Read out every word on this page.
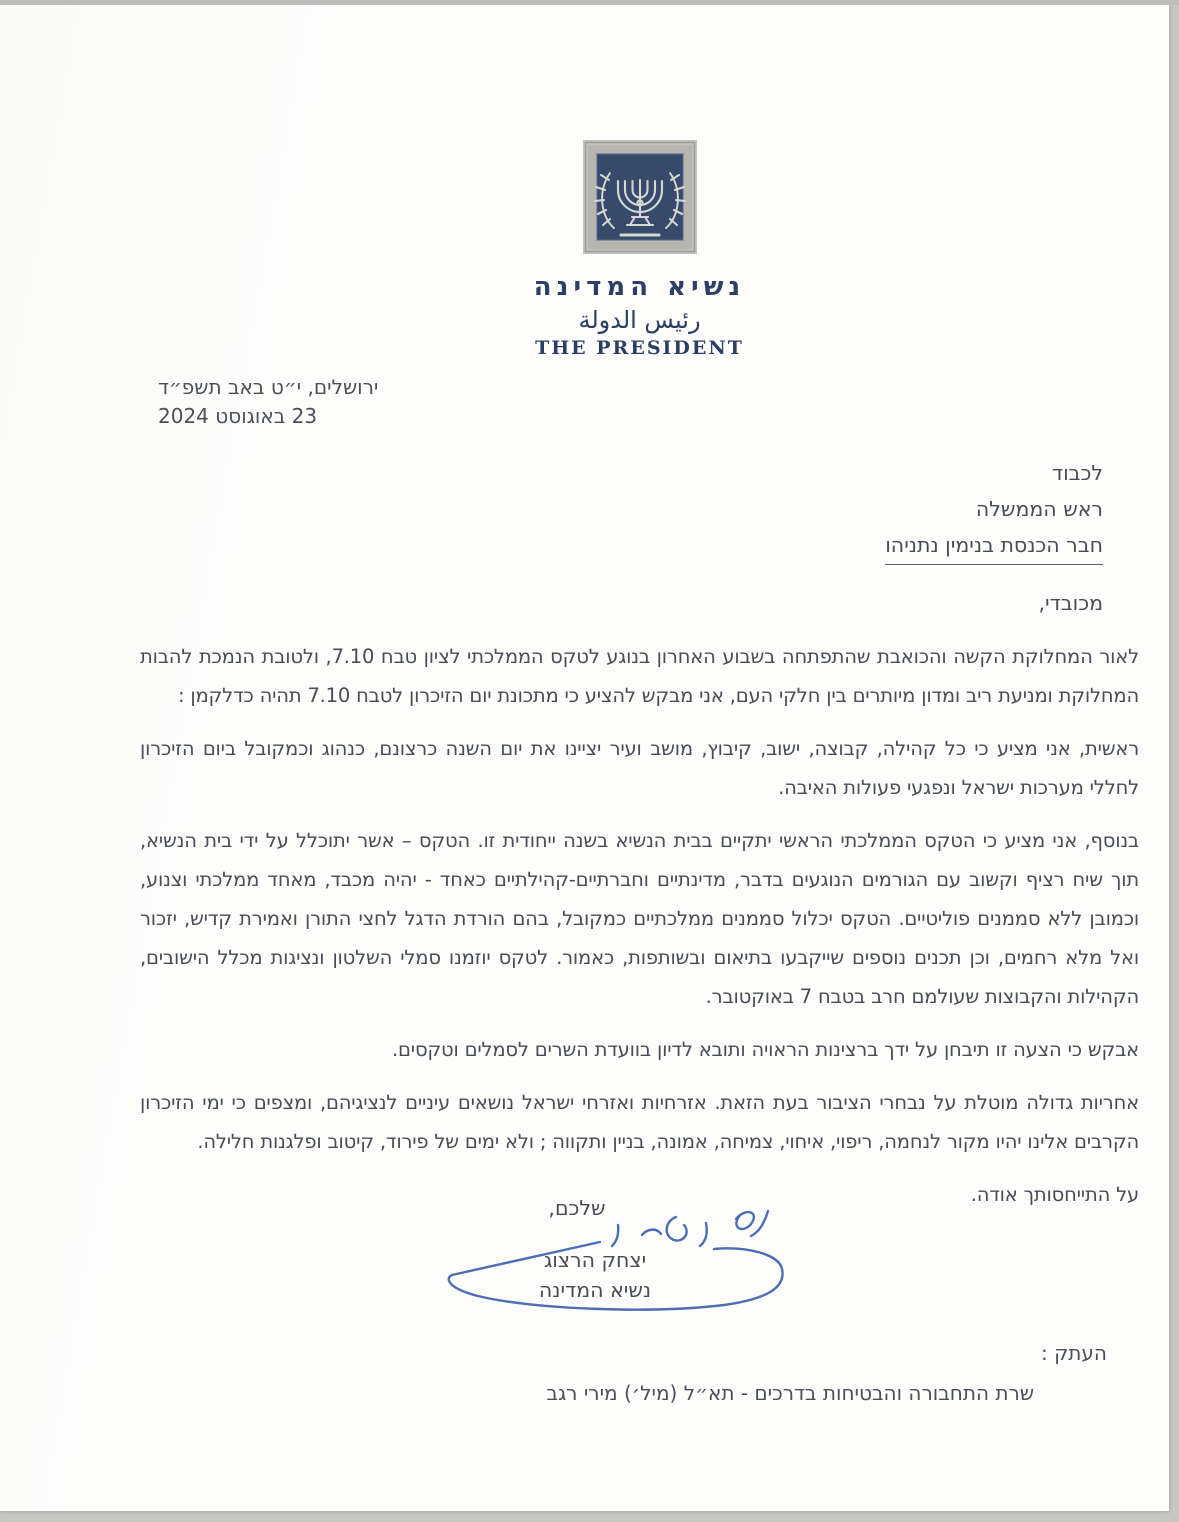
נשיא המדינה
رئيس الدولة
THE PRESIDENT
ירושלים, י״ט באב תשפ״ד
23 באוגוסט 2024
לכבוד
ראש הממשלה
חבר הכנסת בנימין נתניהו
מכובדי,

לאור המחלוקת הקשה והכואבת שהתפתחה בשבוע האחרון בנוגע לטקס הממלכתי לציון טבח 7.10, ולטובת הנמכת להבות המחלוקת ומניעת ריב ומדון מיותרים בין חלקי העם, אני מבקש להציע כי מתכונת יום הזיכרון לטבח 7.10 תהיה כדלקמן :

ראשית, אני מציע כי כל קהילה, קבוצה, ישוב, קיבוץ, מושב ועיר יציינו את יום השנה כרצונם, כנהוג וכמקובל ביום הזיכרון לחללי מערכות ישראל ונפגעי פעולות האיבה.

בנוסף, אני מציע כי הטקס הממלכתי הראשי יתקיים בבית הנשיא בשנה ייחודית זו. הטקס – אשר יתוכלל על ידי בית הנשיא, תוך שיח רציף וקשוב עם הגורמים הנוגעים בדבר, מדינתיים וחברתיים-קהילתיים כאחד - יהיה מכבד, מאחד ממלכתי וצנוע, וכמובן ללא סממנים פוליטיים. הטקס יכלול סממנים ממלכתיים כמקובל, בהם הורדת הדגל לחצי התורן ואמירת קדיש, יזכור ואל מלא רחמים, וכן תכנים נוספים שייקבעו בתיאום ובשותפות, כאמור. לטקס יוזמנו סמלי השלטון ונציגות מכלל הישובים, הקהילות והקבוצות שעולמם חרב בטבח 7 באוקטובר.

אבקש כי הצעה זו תיבחן על ידך ברצינות הראויה ותובא לדיון בוועדת השרים לסמלים וטקסים.

אחריות גדולה מוטלת על נבחרי הציבור בעת הזאת. אזרחיות ואזרחי ישראל נושאים עיניים לנציגיהם, ומצפים כי ימי הזיכרון הקרבים אלינו יהיו מקור לנחמה, ריפוי, איחוי, צמיחה, אמונה, בניין ותקווה ; ולא ימים של פירוד, קיטוב ופלגנות חלילה.

על התייחסותך אודה.

שלכם,
יצחק הרצוג
נשיא המדינה
העתק :
שרת התחבורה והבטיחות בדרכים - תא״ל (מיל׳) מירי רגב
